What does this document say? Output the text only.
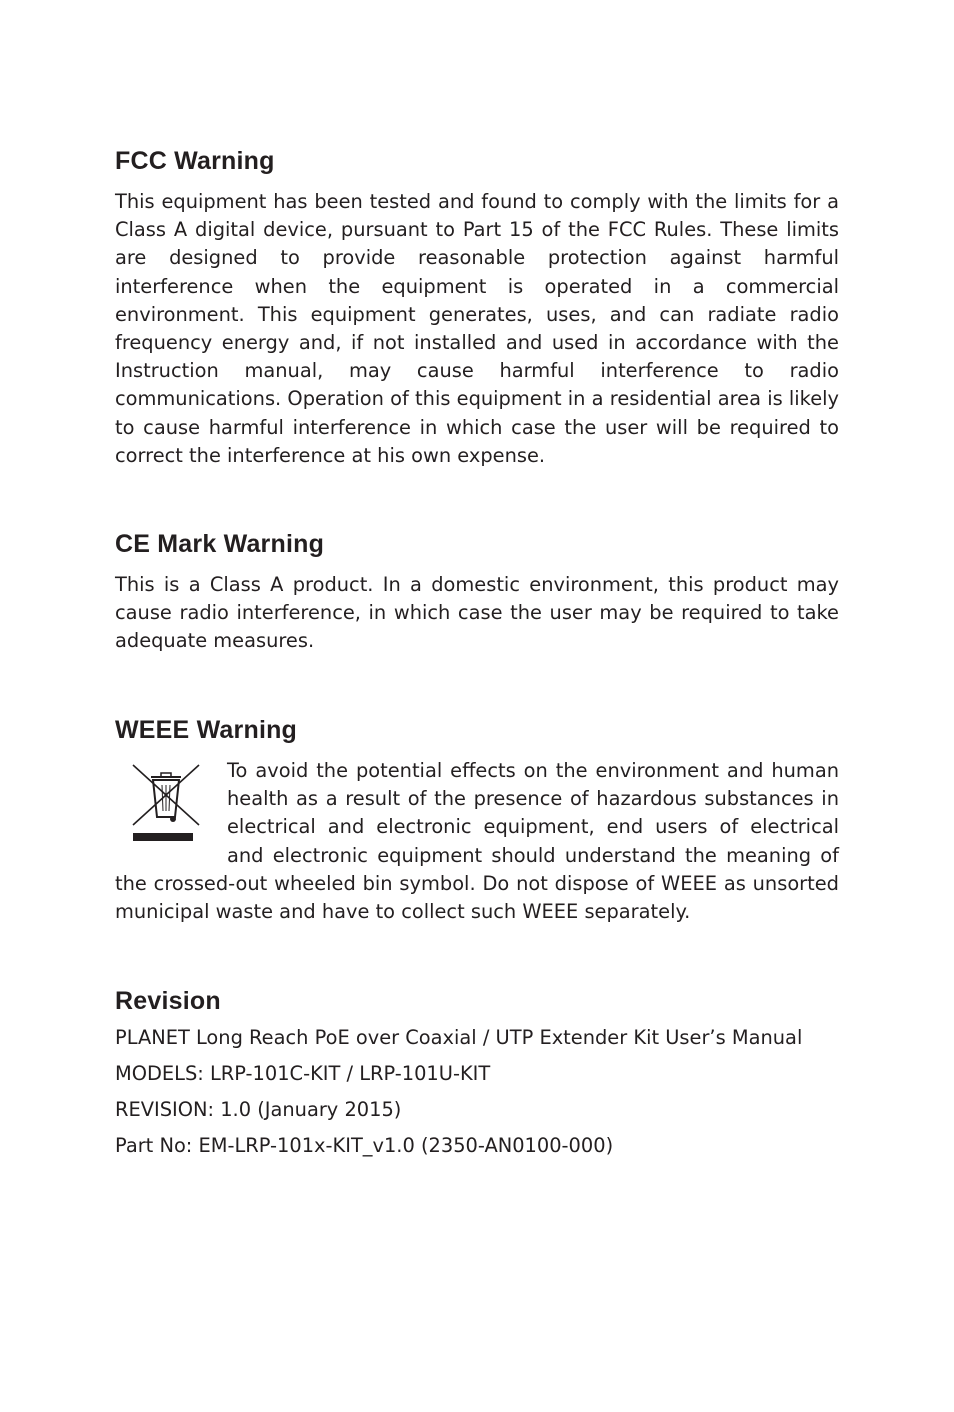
FCC Warning

This equipment has been tested and found to comply with the limits for a Class A digital device, pursuant to Part 15 of the FCC Rules. These limits are designed to provide reasonable protection against harmful interference when the equipment is operated in a commercial environment. This equipment generates, uses, and can radiate radio frequency energy and, if not installed and used in accordance with the Instruction manual, may cause harmful interference to radio communications. Operation of this equipment in a residential area is likely to cause harmful interference in which case the user will be required to correct the interference at his own expense.

CE Mark Warning

This is a Class A product. In a domestic environment, this product may cause radio interference, in which case the user may be required to take adequate measures.

WEEE Warning

To avoid the potential effects on the environment and human health as a result of the presence of hazardous substances in electrical and electronic equipment, end users of electrical and electronic equipment should understand the meaning of the crossed-out wheeled bin symbol. Do not dispose of WEEE as unsorted municipal waste and have to collect such WEEE separately.

Revision

PLANET Long Reach PoE over Coaxial / UTP Extender Kit User’s Manual

MODELS: LRP-101C-KIT / LRP-101U-KIT

REVISION: 1.0 (January 2015)

Part No: EM-LRP-101x-KIT_v1.0 (2350-AN0100-000)
